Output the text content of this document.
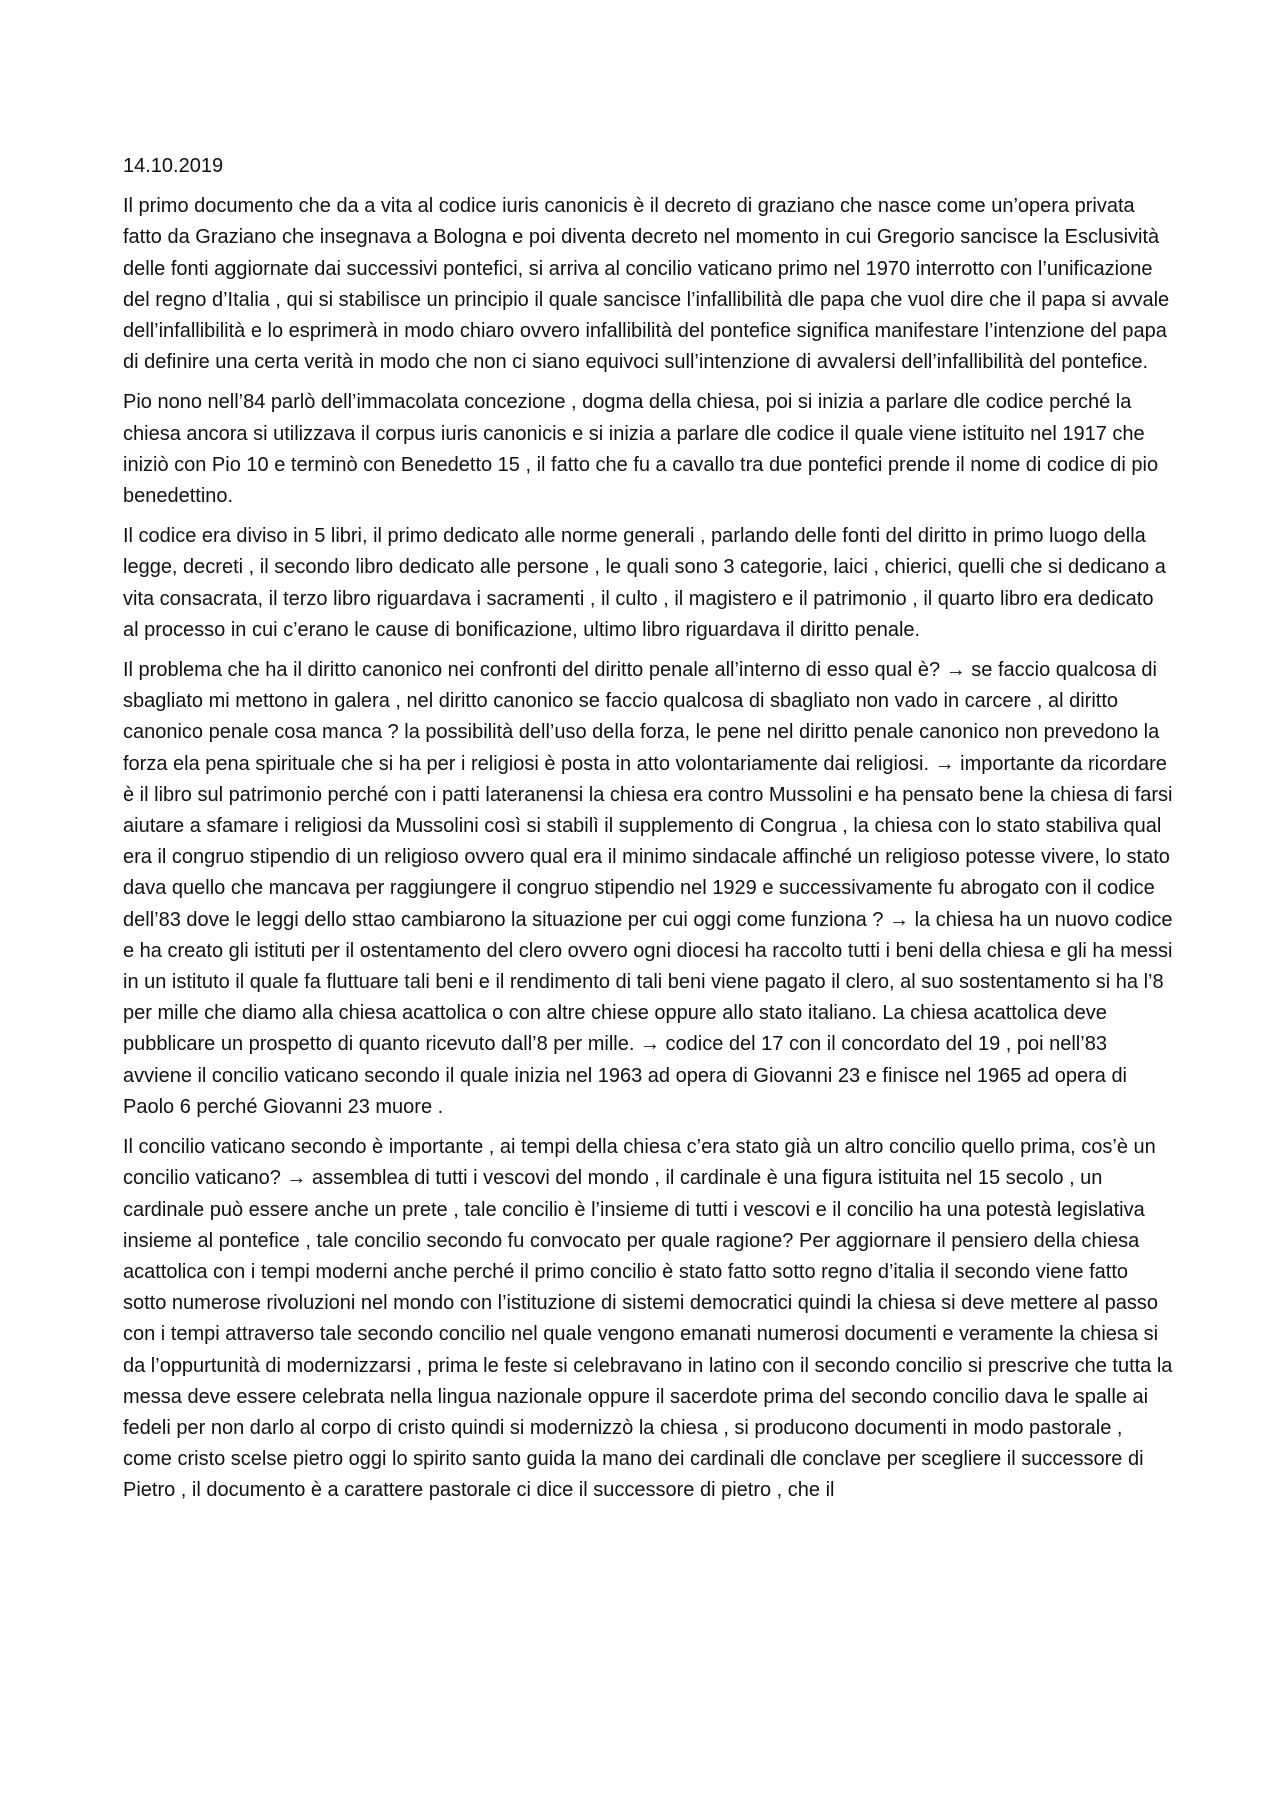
14.10.2019

Il primo documento che da a vita al codice iuris canonicis è il decreto di graziano che nasce come un’opera privata fatto da Graziano che insegnava a Bologna e poi diventa decreto nel momento in cui Gregorio sancisce la Esclusività delle fonti aggiornate dai successivi pontefici, si arriva al concilio vaticano primo nel 1970 interrotto con l’unificazione del regno d’Italia , qui si stabilisce un principio il quale sancisce l’infallibilità dle papa che vuol dire che il papa si avvale dell’infallibilità e lo esprimerà in modo chiaro ovvero infallibilità del pontefice significa manifestare l’intenzione del papa di definire una certa verità in modo che non ci siano equivoci sull’intenzione di avvalersi dell’infallibilità del pontefice.

Pio nono nell’84 parlò dell’immacolata concezione , dogma della chiesa, poi si inizia a parlare dle codice perché la chiesa ancora si utilizzava il corpus iuris canonicis e si inizia a parlare dle codice il quale viene istituito nel 1917 che iniziò con Pio 10 e terminò con Benedetto 15 , il fatto che fu a cavallo tra due pontefici prende il nome di codice di pio benedettino.

Il codice era diviso in 5 libri, il primo dedicato alle norme generali , parlando delle fonti del diritto in primo luogo della legge, decreti , il secondo libro dedicato alle persone , le quali sono 3 categorie, laici , chierici, quelli che si dedicano a vita consacrata, il terzo libro riguardava i sacramenti , il culto , il magistero e il patrimonio , il quarto libro era dedicato al processo in cui c’erano le cause di bonificazione, ultimo libro riguardava il diritto penale.

Il problema che ha il diritto canonico nei confronti del diritto penale all’interno di esso qual è? → se faccio qualcosa di sbagliato mi mettono in galera , nel diritto canonico se faccio qualcosa di sbagliato non vado in carcere , al diritto canonico penale cosa manca ? la possibilità dell’uso della forza, le pene nel diritto penale canonico non prevedono la forza ela pena spirituale che si ha per i religiosi è posta in atto volontariamente dai religiosi. → importante da ricordare è il libro sul patrimonio perché con i patti lateranensi la chiesa era contro Mussolini e ha pensato bene la chiesa di farsi aiutare a sfamare i religiosi da Mussolini così si stabilì il supplemento di Congrua , la chiesa con lo stato stabiliva qual era il congruo stipendio di un religioso ovvero qual era il minimo sindacale affinché un religioso potesse vivere, lo stato dava quello che mancava per raggiungere il congruo stipendio nel 1929 e successivamente fu abrogato con il codice dell’83 dove le leggi dello sttao cambiarono la situazione per cui oggi come funziona ? → la chiesa ha un nuovo codice e ha creato gli istituti per il ostentamento del clero ovvero ogni diocesi ha raccolto tutti i beni della chiesa e gli ha messi in un istituto il quale fa fluttuare tali beni e il rendimento di tali beni viene pagato il clero, al suo sostentamento si ha l’8 per mille che diamo alla chiesa acattolica o con altre chiese oppure allo stato italiano. La chiesa acattolica deve pubblicare un prospetto di quanto ricevuto dall’8 per mille. → codice del 17 con il concordato del 19 , poi nell’83 avviene il concilio vaticano secondo il quale inizia nel 1963 ad opera di Giovanni 23 e finisce nel 1965 ad opera di Paolo 6 perché Giovanni 23 muore .

Il concilio vaticano secondo è importante , ai tempi della chiesa c’era stato già un altro concilio quello prima, cos’è un concilio vaticano? → assemblea di tutti i vescovi del mondo , il cardinale è una figura istituita nel 15 secolo , un cardinale può essere anche un prete , tale concilio è l’insieme di tutti i vescovi e il concilio ha una potestà legislativa insieme al pontefice , tale concilio secondo fu convocato per quale ragione? Per aggiornare il pensiero della chiesa acattolica con i tempi moderni anche perché il primo concilio è stato fatto sotto regno d’italia il secondo viene fatto sotto numerose rivoluzioni nel mondo con l’istituzione di sistemi democratici quindi la chiesa si deve mettere al passo con i tempi attraverso tale secondo concilio nel quale vengono emanati numerosi documenti e veramente la chiesa si da l’oppurtunità di modernizzarsi , prima le feste si celebravano in latino con il secondo concilio si prescrive che tutta la messa deve essere celebrata nella lingua nazionale oppure il sacerdote prima del secondo concilio dava le spalle ai fedeli per non darlo al corpo di cristo quindi si modernizzò la chiesa , si producono documenti in modo pastorale , come cristo scelse pietro oggi lo spirito santo guida la mano dei cardinali dle conclave per scegliere il successore di Pietro , il documento è a carattere pastorale ci dice il successore di pietro , che il
